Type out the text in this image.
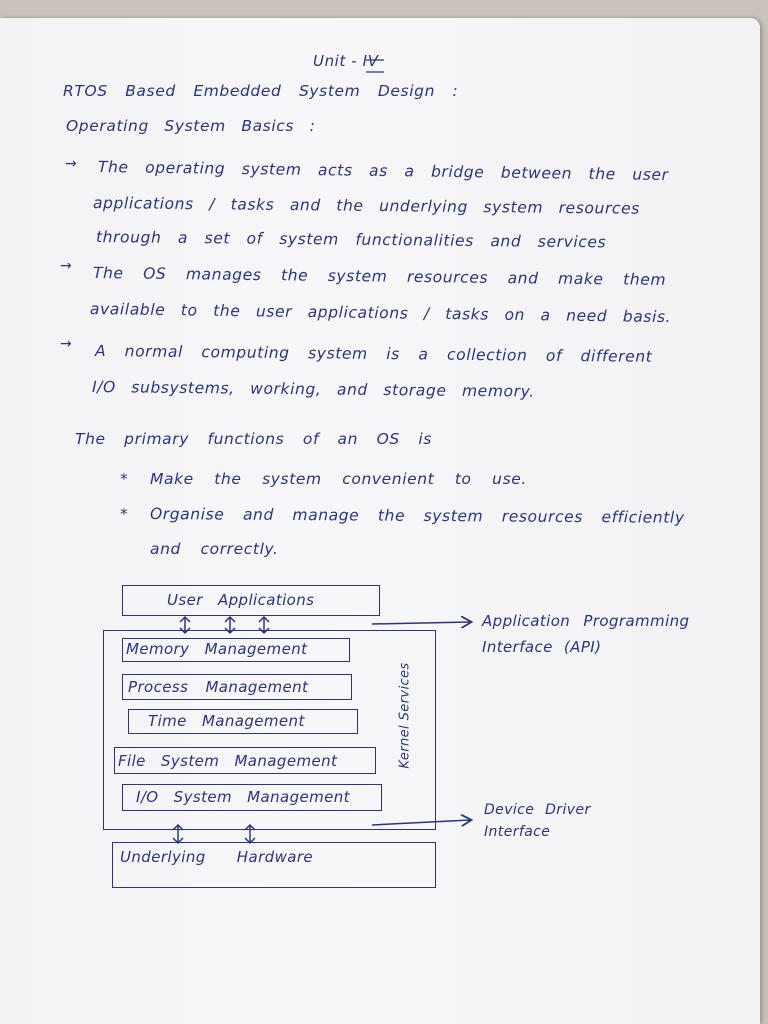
Unit - IV
RTOS Based Embedded System Design :
Operating System Basics :
→ The operating system acts as a bridge between the user
applications / tasks and the underlying system resources
through a set of system functionalities and services
→ The OS manages the system resources and make them
available to the user applications / tasks on a need basis.
→ A normal computing system is a collection of different
I/O subsystems, working, and storage memory.
The primary functions of an OS is
* Make the system convenient to use.
* Organise and manage the system resources efficiently
and correctly.
User Applications
Memory Management
Process Management
Time Management
File System Management
I/O System Management
Kernel Services
Underlying Hardware
Application Programming
Interface (API)
Device Driver
Interface
